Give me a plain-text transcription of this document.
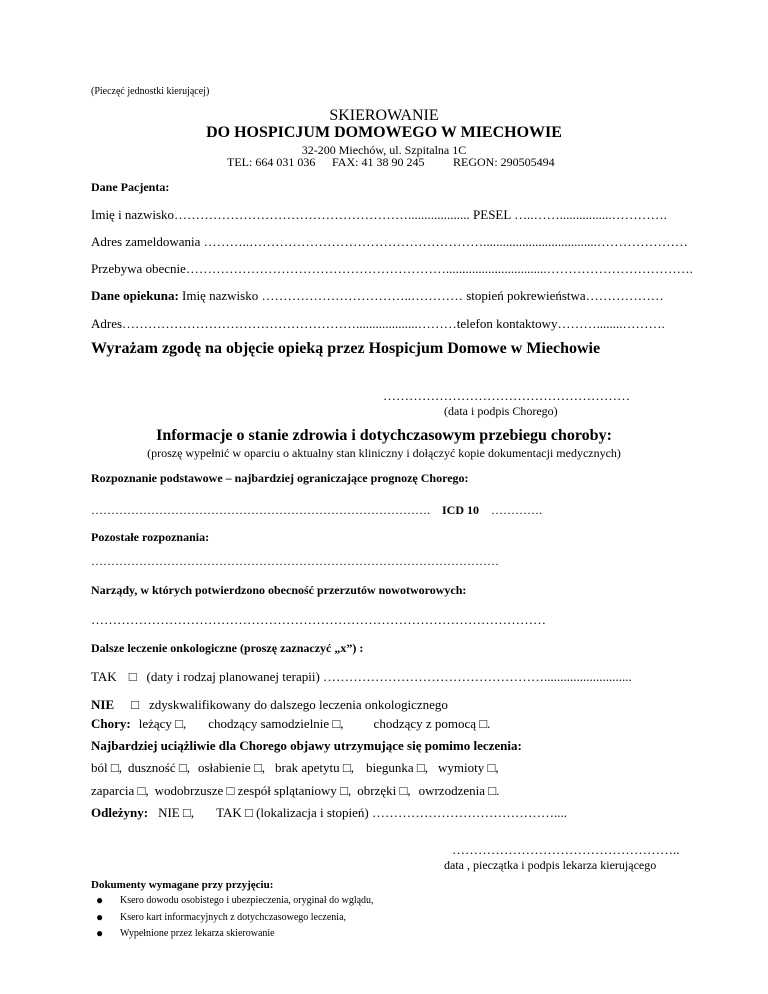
(Pieczęć jednostki kierującej)
SKIEROWANIE
DO HOSPICJUM DOMOWEGO W MIECHOWIE
32-200 Miechów, ul. Szpitalna 1C
TEL: 664 031 036 FAX: 41 38 90 245 REGON: 290505494
Dane Pacjenta:
Imię i nazwisko………………………………………………................... PESEL …..……................………….
Adres zameldowania ………..………………………………………………...................................…………………
Przebywa obecnie……………………………………………………...............................…………………………….
Dane opiekuna: Imię nazwisko ……………………………..………… stopień pokrewieństwa………………
Adres………………………………………………...................………telefon kontaktowy………........……….
Wyrażam zgodę na objęcie opieką przez Hospicjum Domowe w Miechowie
…………………………………………………
(data i podpis Chorego)
Informacje o stanie zdrowia i dotychczasowym przebiegu choroby:
(proszę wypełnić w oparciu o aktualny stan kliniczny i dołączyć kopie dokumentacji medycznych)
Rozpoznanie podstawowe – najbardziej ograniczające prognozę Chorego:
…………………………………………………………………………. ICD 10 ………….
Pozostałe rozpoznania:
…………………………………………………………………………………………
Narządy, w których potwierdzono obecność przerzutów nowotworowych:
……………………………………………………………………………………………
Dalsze leczenie onkologiczne (proszę zaznaczyć „x”) :
TAK □ (daty i rodzaj planowanej terapii) ……………………………………………...........................
NIE □ zdyskwalifikowany do dalszego leczenia onkologicznego
Chory: leżący □, chodzący samodzielnie □, chodzący z pomocą □.
Najbardziej uciążliwie dla Chorego objawy utrzymujące się pomimo leczenia:
ból □, duszność □, osłabienie □, brak apetytu □, biegunka □, wymioty □,
zaparcia □, wodobrzusze □ zespół splątaniowy □, obrzęki □, owrzodzenia □.
Odleżyny: NIE □, TAK □ (lokalizacja i stopień) ……………………………………....
……………………………………………..
data , pieczątka i podpis lekarza kierującego
Dokumenty wymagane przy przyjęciu:
● Ksero dowodu osobistego i ubezpieczenia, oryginał do wglądu,
● Ksero kart informacyjnych z dotychczasowego leczenia,
● Wypełnione przez lekarza skierowanie
